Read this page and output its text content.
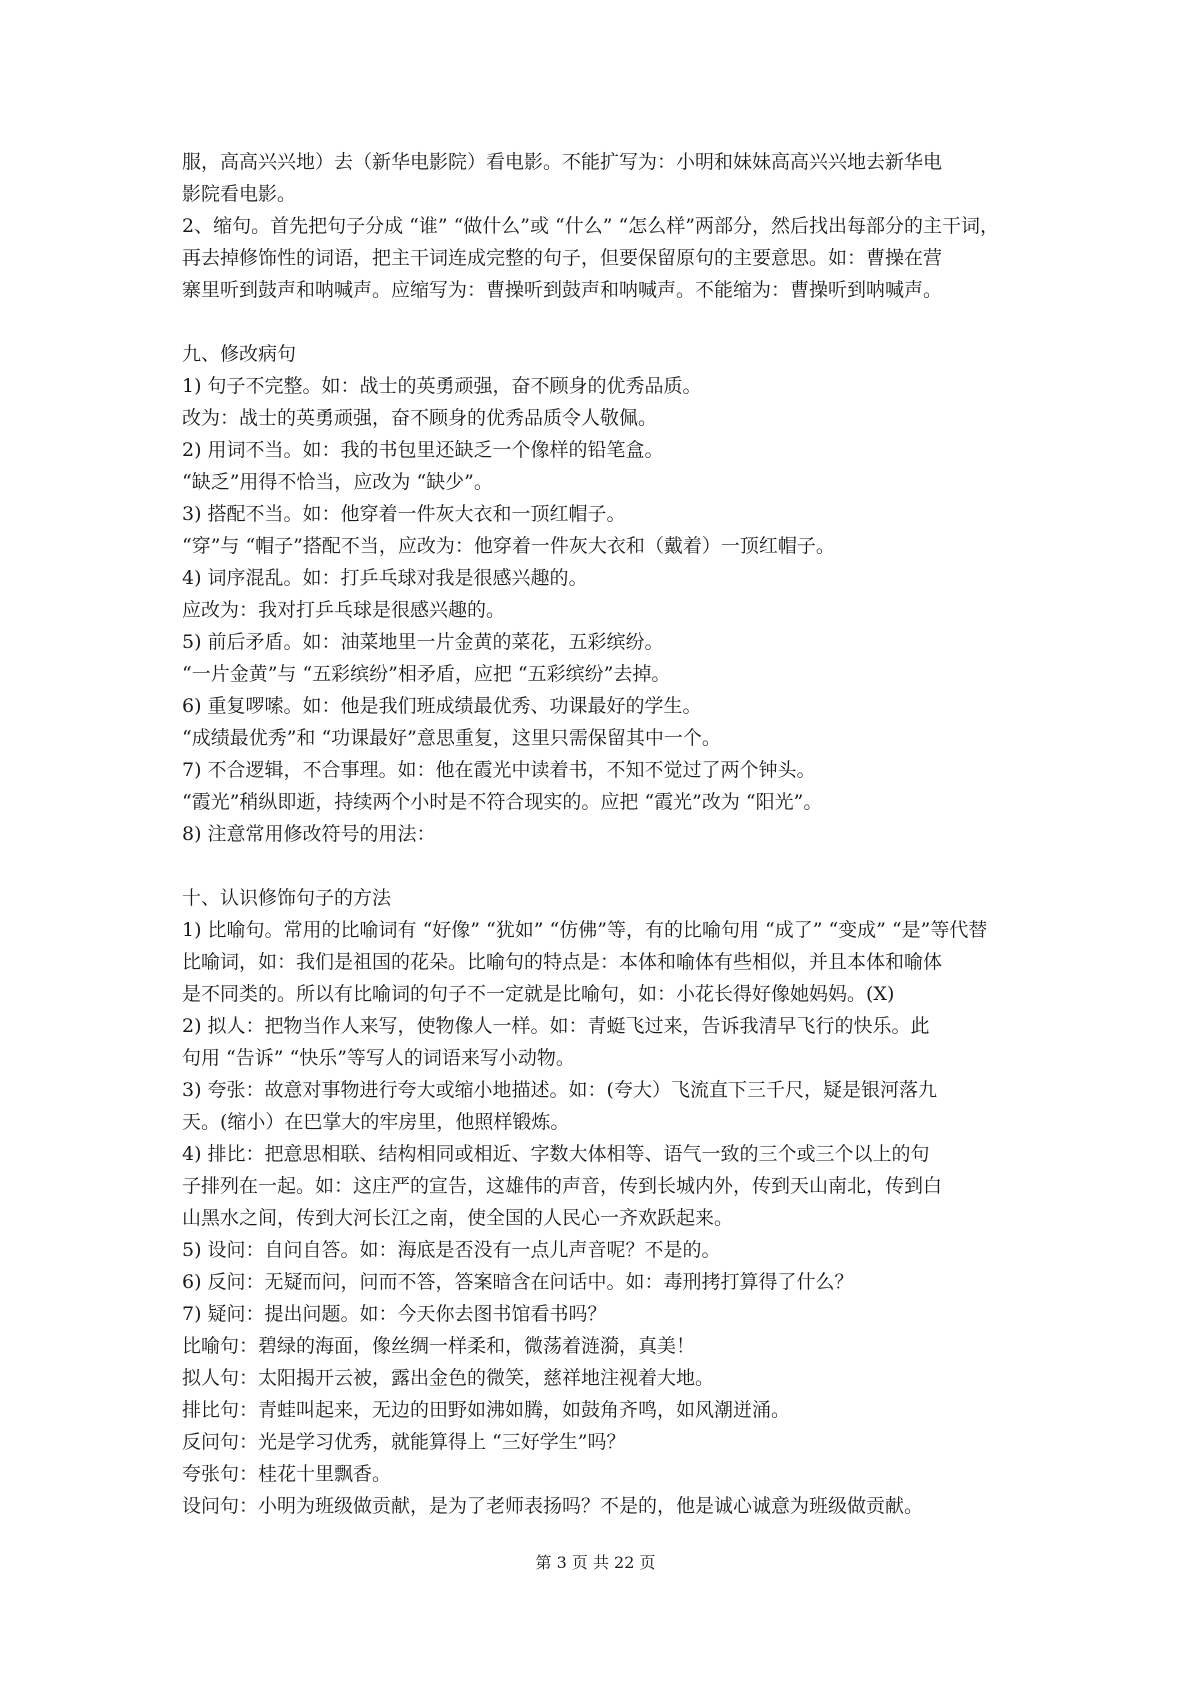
服，高高兴兴地）去（新华电影院）看电影。不能扩写为：小明和妹妹高高兴兴地去新华电
影院看电影。
2、缩句。首先把句子分成 “谁” “做什么”或 “什么” “怎么样”两部分，然后找出每部分的主干词，
再去掉修饰性的词语，把主干词连成完整的句子，但要保留原句的主要意思。如：曹操在营
寨里听到鼓声和呐喊声。应缩写为：曹操听到鼓声和呐喊声。不能缩为：曹操听到呐喊声。
九、修改病句
1) 句子不完整。如：战士的英勇顽强，奋不顾身的优秀品质。
改为：战士的英勇顽强，奋不顾身的优秀品质令人敬佩。
2) 用词不当。如：我的书包里还缺乏一个像样的铅笔盒。
“缺乏”用得不恰当，应改为 “缺少”。
3) 搭配不当。如：他穿着一件灰大衣和一顶红帽子。
“穿”与 “帽子”搭配不当，应改为：他穿着一件灰大衣和（戴着）一顶红帽子。
4) 词序混乱。如：打乒乓球对我是很感兴趣的。
应改为：我对打乒乓球是很感兴趣的。
5) 前后矛盾。如：油菜地里一片金黄的菜花，五彩缤纷。
“一片金黄”与 “五彩缤纷”相矛盾，应把 “五彩缤纷”去掉。
6) 重复啰嗦。如：他是我们班成绩最优秀、功课最好的学生。
“成绩最优秀”和 “功课最好”意思重复，这里只需保留其中一个。
7) 不合逻辑，不合事理。如：他在霞光中读着书，不知不觉过了两个钟头。
“霞光”稍纵即逝，持续两个小时是不符合现实的。应把 “霞光”改为 “阳光”。
8) 注意常用修改符号的用法：
十、认识修饰句子的方法
1) 比喻句。常用的比喻词有 “好像” “犹如” “仿佛”等，有的比喻句用 “成了” “变成” “是”等代替
比喻词，如：我们是祖国的花朵。比喻句的特点是：本体和喻体有些相似，并且本体和喻体
是不同类的。所以有比喻词的句子不一定就是比喻句，如：小花长得好像她妈妈。(X)
2) 拟人：把物当作人来写，使物像人一样。如：青蜓飞过来，告诉我清早飞行的快乐。此
句用 “告诉” “快乐”等写人的词语来写小动物。
3) 夸张：故意对事物进行夸大或缩小地描述。如：(夸大）飞流直下三千尺，疑是银河落九
天。(缩小）在巴掌大的牢房里，他照样锻炼。
4) 排比：把意思相联、结构相同或相近、字数大体相等、语气一致的三个或三个以上的句
子排列在一起。如：这庄严的宣告，这雄伟的声音，传到长城内外，传到天山南北，传到白
山黑水之间，传到大河长江之南，使全国的人民心一齐欢跃起来。
5) 设问：自问自答。如：海底是否没有一点儿声音呢？不是的。
6) 反问：无疑而问，问而不答，答案暗含在问话中。如：毒刑拷打算得了什么？
7) 疑问：提出问题。如：今天你去图书馆看书吗？
比喻句：碧绿的海面，像丝绸一样柔和，微荡着涟漪，真美！
拟人句：太阳揭开云被，露出金色的微笑，慈祥地注视着大地。
排比句：青蛙叫起来，无边的田野如沸如腾，如鼓角齐鸣，如风潮迸涌。
反问句：光是学习优秀，就能算得上 “三好学生”吗？
夸张句：桂花十里飘香。
设问句：小明为班级做贡献，是为了老师表扬吗？不是的，他是诚心诚意为班级做贡献。
第 3 页 共 22 页
